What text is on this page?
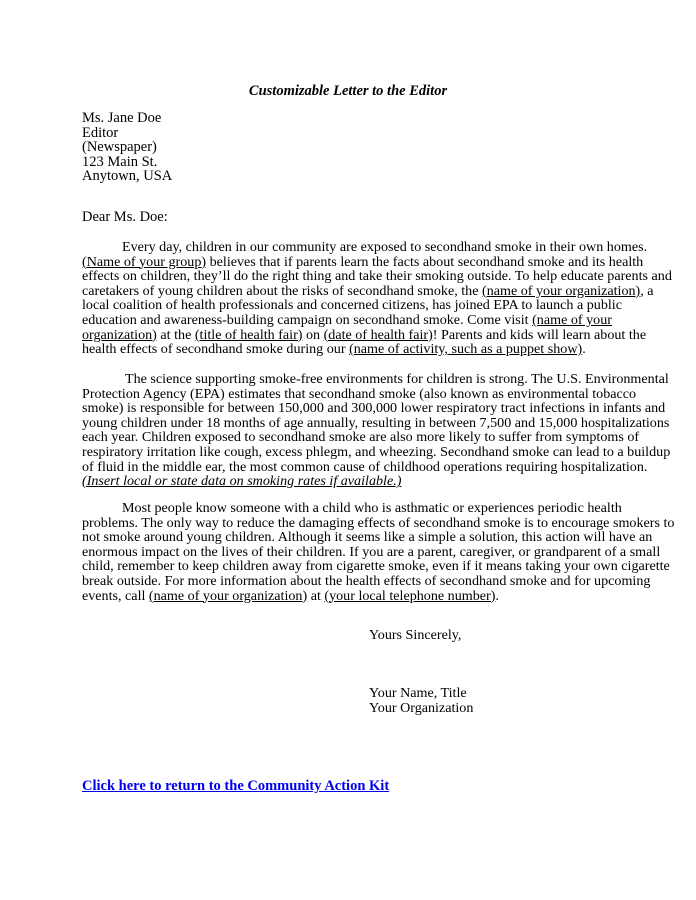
Customizable Letter to the Editor
Ms. Jane Doe
Editor
(Newspaper)
123 Main St.
Anytown, USA
Dear Ms. Doe:

Every day, children in our community are exposed to secondhand smoke in their own homes.
(Name of your group) believes that if parents learn the facts about secondhand smoke and its health
effects on children, they’ll do the right thing and take their smoking outside. To help educate parents and
caretakers of young children about the risks of secondhand smoke, the (name of your organization), a
local coalition of health professionals and concerned citizens, has joined EPA to launch a public
education and awareness-building campaign on secondhand smoke. Come visit (name of your
organization) at the (title of health fair) on (date of health fair)! Parents and kids will learn about the
health effects of secondhand smoke during our (name of activity, such as a puppet show).

The science supporting smoke-free environments for children is strong. The U.S. Environmental
Protection Agency (EPA) estimates that secondhand smoke (also known as environmental tobacco
smoke) is responsible for between 150,000 and 300,000 lower respiratory tract infections in infants and
young children under 18 months of age annually, resulting in between 7,500 and 15,000 hospitalizations
each year. Children exposed to secondhand smoke are also more likely to suffer from symptoms of
respiratory irritation like cough, excess phlegm, and wheezing. Secondhand smoke can lead to a buildup
of fluid in the middle ear, the most common cause of childhood operations requiring hospitalization.
(Insert local or state data on smoking rates if available.)

Most people know someone with a child who is asthmatic or experiences periodic health
problems. The only way to reduce the damaging effects of secondhand smoke is to encourage smokers to
not smoke around young children. Although it seems like a simple a solution, this action will have an
enormous impact on the lives of their children. If you are a parent, caregiver, or grandparent of a small
child, remember to keep children away from cigarette smoke, even if it means taking your own cigarette
break outside. For more information about the health effects of secondhand smoke and for upcoming
events, call (name of your organization) at (your local telephone number).

Yours Sincerely,
Your Name, Title
Your Organization
Click here to return to the Community Action Kit
